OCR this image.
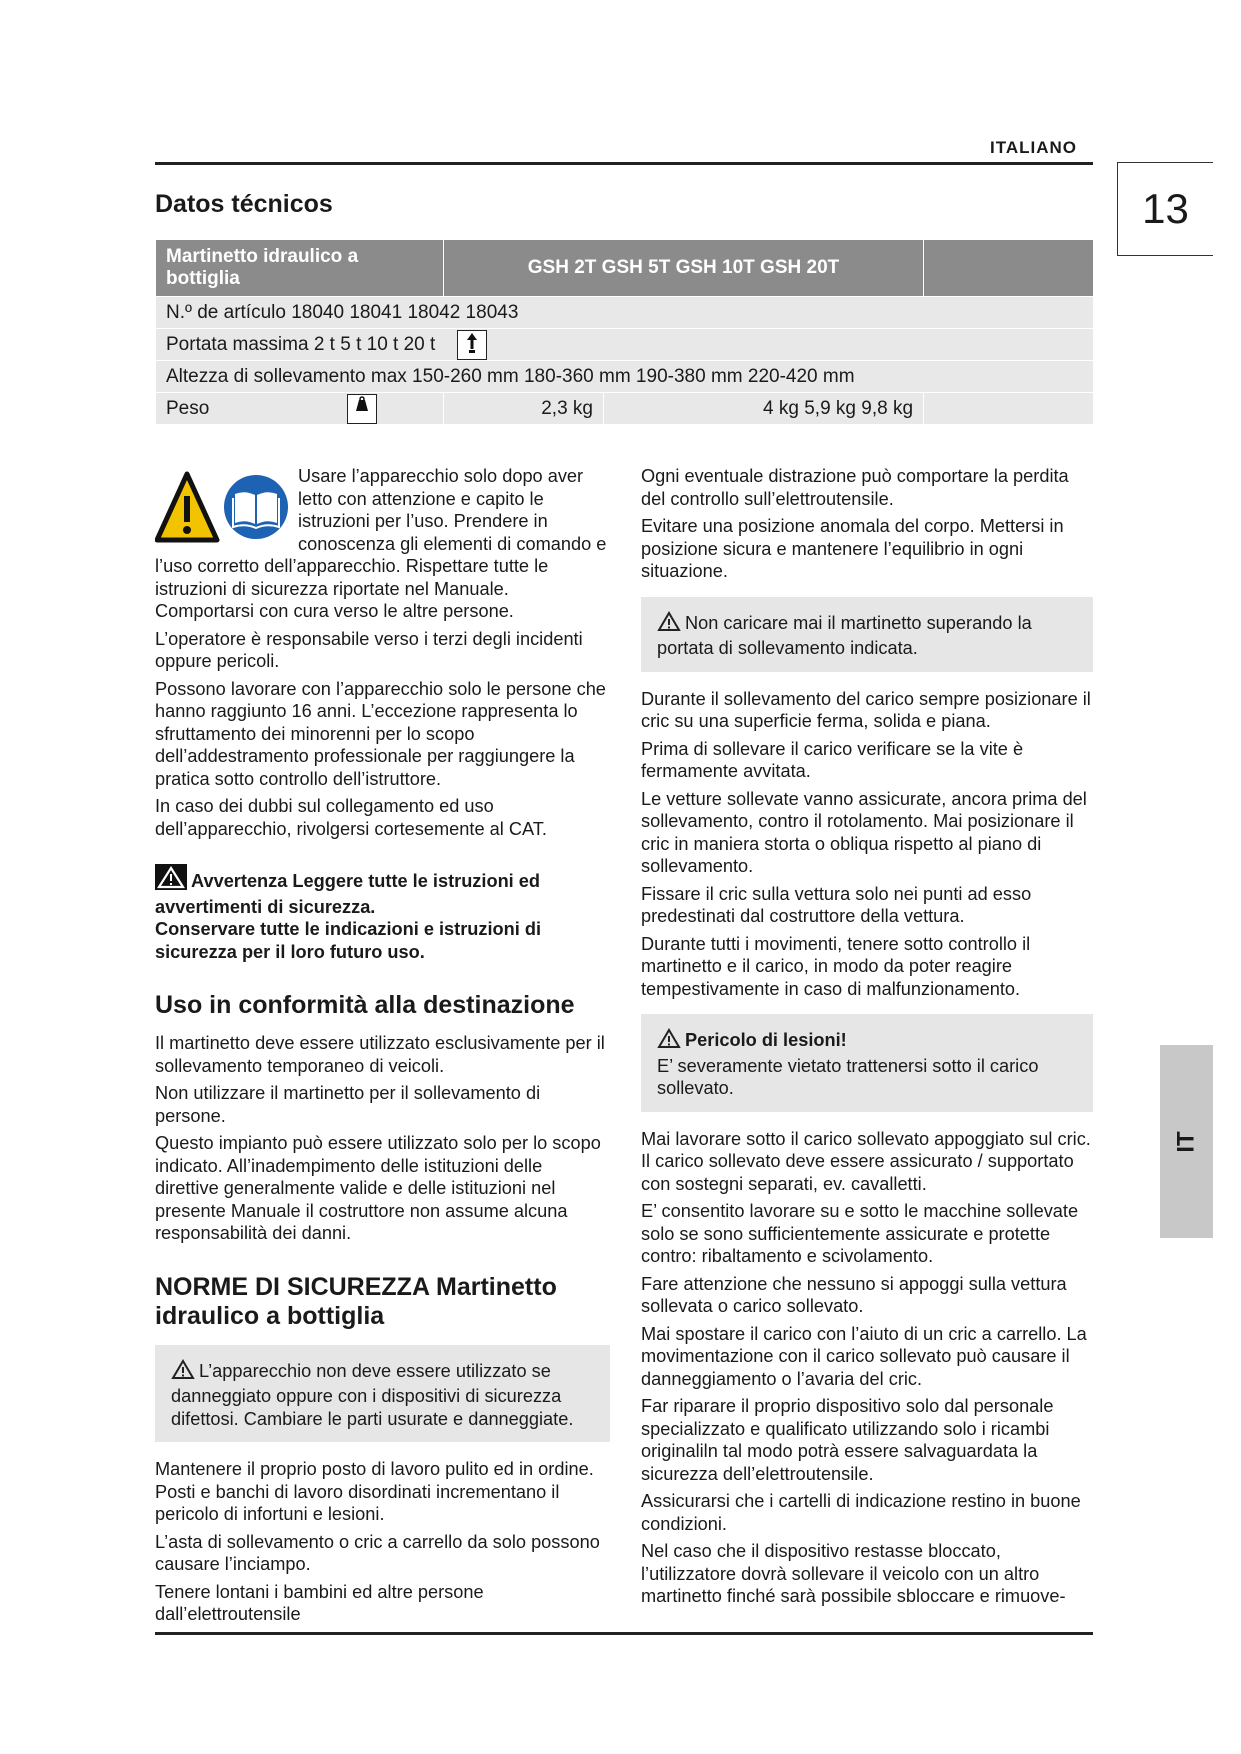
ITALIANO
13
IT
Datos técnicos
Martinetto idraulico a bottiglia	GSH 2T GSH 5T GSH 10T GSH 20T		
N.º de artículo 18040 18041 18042 18043			
Portata massima 2 t 5 t 10 t 20 t			
Altezza di sollevamento max 150-260 mm 180-360 mm 190-380 mm 220-420 mm			
Peso	2,3 kg	4 kg 5,9 kg 9,8 kg	

Usare l’apparecchio solo dopo aver letto con attenzione e capito le istruzioni per l’uso. Prendere in conoscenza gli elementi di comando e l’uso corretto dell’apparecchio. Rispettare tutte le istruzioni di sicurezza riportate nel Manuale. Comportarsi con cura verso le altre persone.

L’operatore è responsabile verso i terzi degli incidenti oppure pericoli.

Possono lavorare con l’apparecchio solo le persone che hanno raggiunto 16 anni. L’eccezione rappresenta lo sfruttamento dei minorenni per lo scopo dell’addestramento professionale per raggiungere la pratica sotto controllo dell’istruttore.

In caso dei dubbi sul collegamento ed uso dell’apparecchio, rivolgersi cortesemente al CAT.

Avvertenza Leggere tutte le istruzioni ed avvertimenti di sicurezza.
Conservare tutte le indicazioni e istruzioni di sicurezza per il loro futuro uso.
Uso in conformità alla destinazione

Il martinetto deve essere utilizzato esclusivamente per il sollevamento temporaneo di veicoli.

Non utilizzare il martinetto per il sollevamento di persone.

Questo impianto può essere utilizzato solo per lo scopo indicato. All’inadempimento delle istituzioni delle direttive generalmente valide e delle istituzioni nel presente Manuale il costruttore non assume alcuna responsabilità dei danni.

NORME DI SICUREZZA Martinetto idraulico a bottiglia
L’apparecchio non deve essere utilizzato se danneggiato oppure con i dispositivi di sicurezza difettosi. Cambiare le parti usurate e danneggiate.

Mantenere il proprio posto di lavoro pulito ed in ordine. Posti e banchi di lavoro disordinati incrementano il pericolo di infortuni e lesioni.

L’asta di sollevamento o cric a carrello da solo possono causare l’inciampo.

Tenere lontani i bambini ed altre persone dall’elettroutensile

Ogni eventuale distrazione può comportare la perdita del controllo sull’elettroutensile.

Evitare una posizione anomala del corpo. Mettersi in posizione sicura e mantenere l’equilibrio in ogni situazione.

Non caricare mai il martinetto superando la portata di sollevamento indicata.

Durante il sollevamento del carico sempre posizionare il cric su una superficie ferma, solida e piana.

Prima di sollevare il carico verificare se la vite è fermamente avvitata.

Le vetture sollevate vanno assicurate, ancora prima del sollevamento, contro il rotolamento. Mai posizionare il cric in maniera storta o obliqua rispetto al piano di sollevamento.

Fissare il cric sulla vettura solo nei punti ad esso predestinati dal costruttore della vettura.

Durante tutti i movimenti, tenere sotto controllo il martinetto e il carico, in modo da poter reagire tempestivamente in caso di malfunzionamento.

Pericolo di lesioni!
E’ severamente vietato trattenersi sotto il carico sollevato.

Mai lavorare sotto il carico sollevato appoggiato sul cric. Il carico sollevato deve essere assicurato / supportato con sostegni separati, ev. cavalletti.

E’ consentito lavorare su e sotto le macchine sollevate solo se sono sufficientemente assicurate e protette contro: ribaltamento e scivolamento.

Fare attenzione che nessuno si appoggi sulla vettura sollevata o carico sollevato.

Mai spostare il carico con l’aiuto di un cric a carrello. La movimentazione con il carico sollevato può causare il danneggiamento o l’avaria del cric.

Far riparare il proprio dispositivo solo dal personale specializzato e qualificato utilizzando solo i ricambi originaliln tal modo potrà essere salvaguardata la sicurezza dell’elettroutensile.

Assicurarsi che i cartelli di indicazione restino in buone condizioni.

Nel caso che il dispositivo restasse bloccato, l’utilizzatore dovrà sollevare il veicolo con un altro martinetto finché sarà possibile sbloccare e rimuove-
